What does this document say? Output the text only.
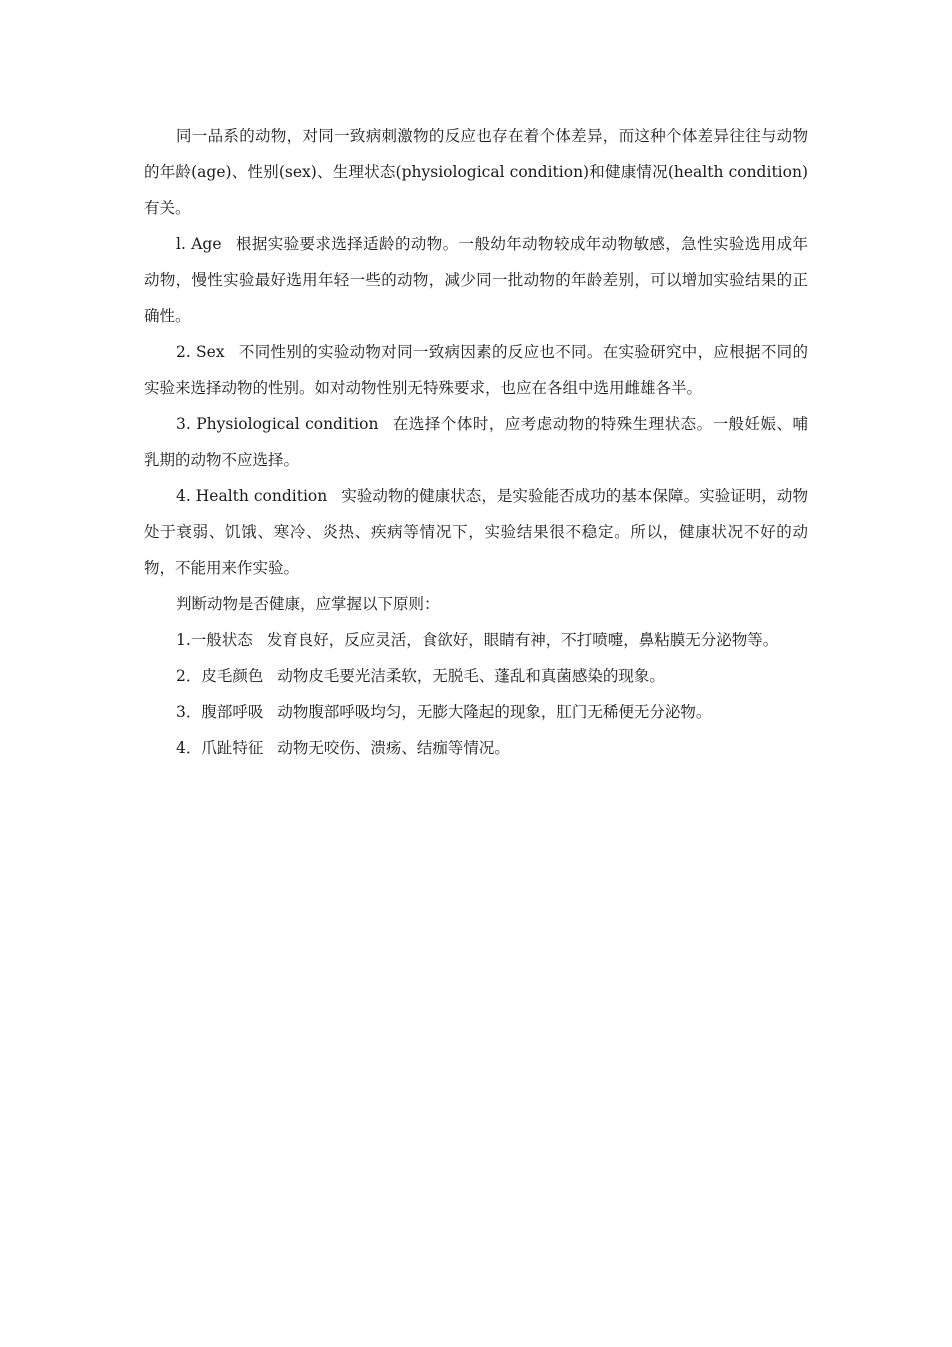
同一品系的动物，对同一致病刺激物的反应也存在着个体差异，而这种个体差异往往与动物的年龄(age)、性别(sex)、生理状态(physiological condition)和健康情况(health condition)有关。

l. Age 根据实验要求选择适龄的动物。一般幼年动物较成年动物敏感，急性实验选用成年动物，慢性实验最好选用年轻一些的动物，减少同一批动物的年龄差别，可以增加实验结果的正确性。

2. Sex 不同性别的实验动物对同一致病因素的反应也不同。在实验研究中，应根据不同的实验来选择动物的性别。如对动物性别无特殊要求，也应在各组中选用雌雄各半。

3. Physiological condition 在选择个体时，应考虑动物的特殊生理状态。一般妊娠、哺乳期的动物不应选择。

4. Health condition 实验动物的健康状态，是实验能否成功的基本保障。实验证明，动物处于衰弱、饥饿、寒冷、炎热、疾病等情况下，实验结果很不稳定。所以，健康状况不好的动物，不能用来作实验。

判断动物是否健康，应掌握以下原则：

1.一般状态 发育良好，反应灵活，食欲好，眼睛有神，不打喷嚏，鼻粘膜无分泌物等。

2．皮毛颜色 动物皮毛要光洁柔软，无脱毛、蓬乱和真菌感染的现象。

3．腹部呼吸 动物腹部呼吸均匀，无膨大隆起的现象，肛门无稀便无分泌物。

4．爪趾特征 动物无咬伤、溃疡、结痂等情况。
